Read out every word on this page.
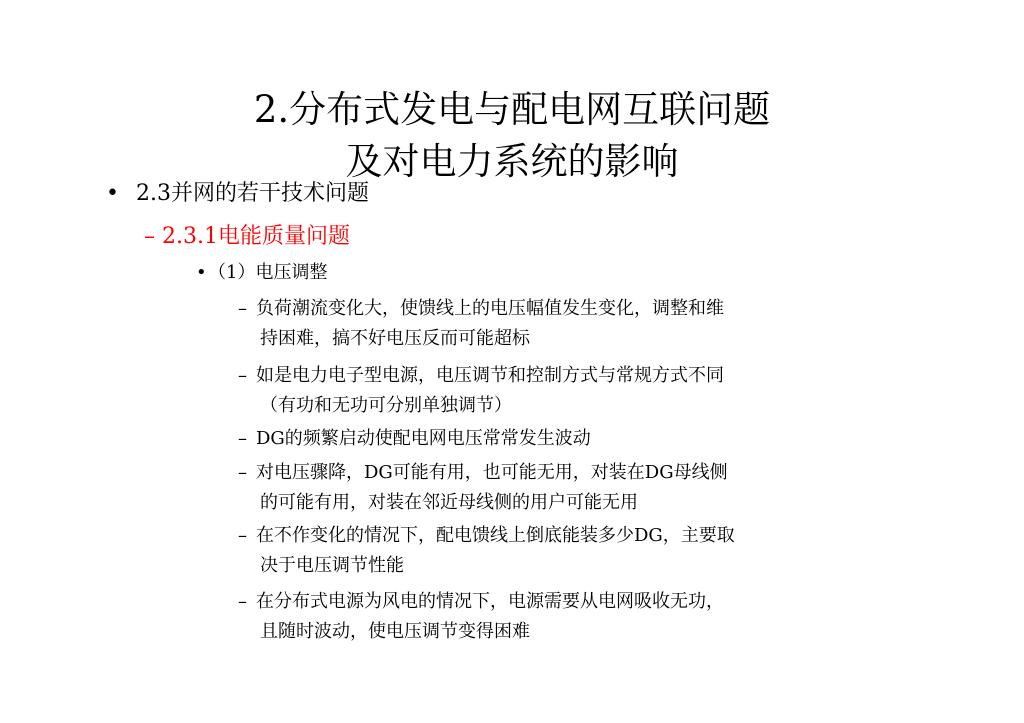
2.分布式发电与配电网互联问题
及对电力系统的影响
• 2.3并网的若干技术问题
– 2.3.1电能质量问题
•（1）电压调整
– 负荷潮流变化大，使馈线上的电压幅值发生变化，调整和维
持困难，搞不好电压反而可能超标
– 如是电力电子型电源，电压调节和控制方式与常规方式不同
（有功和无功可分别单独调节）
– DG的频繁启动使配电网电压常常发生波动
– 对电压骤降，DG可能有用，也可能无用，对装在DG母线侧
的可能有用，对装在邻近母线侧的用户可能无用
– 在不作变化的情况下，配电馈线上倒底能装多少DG，主要取
决于电压调节性能
– 在分布式电源为风电的情况下，电源需要从电网吸收无功，
且随时波动，使电压调节变得困难
